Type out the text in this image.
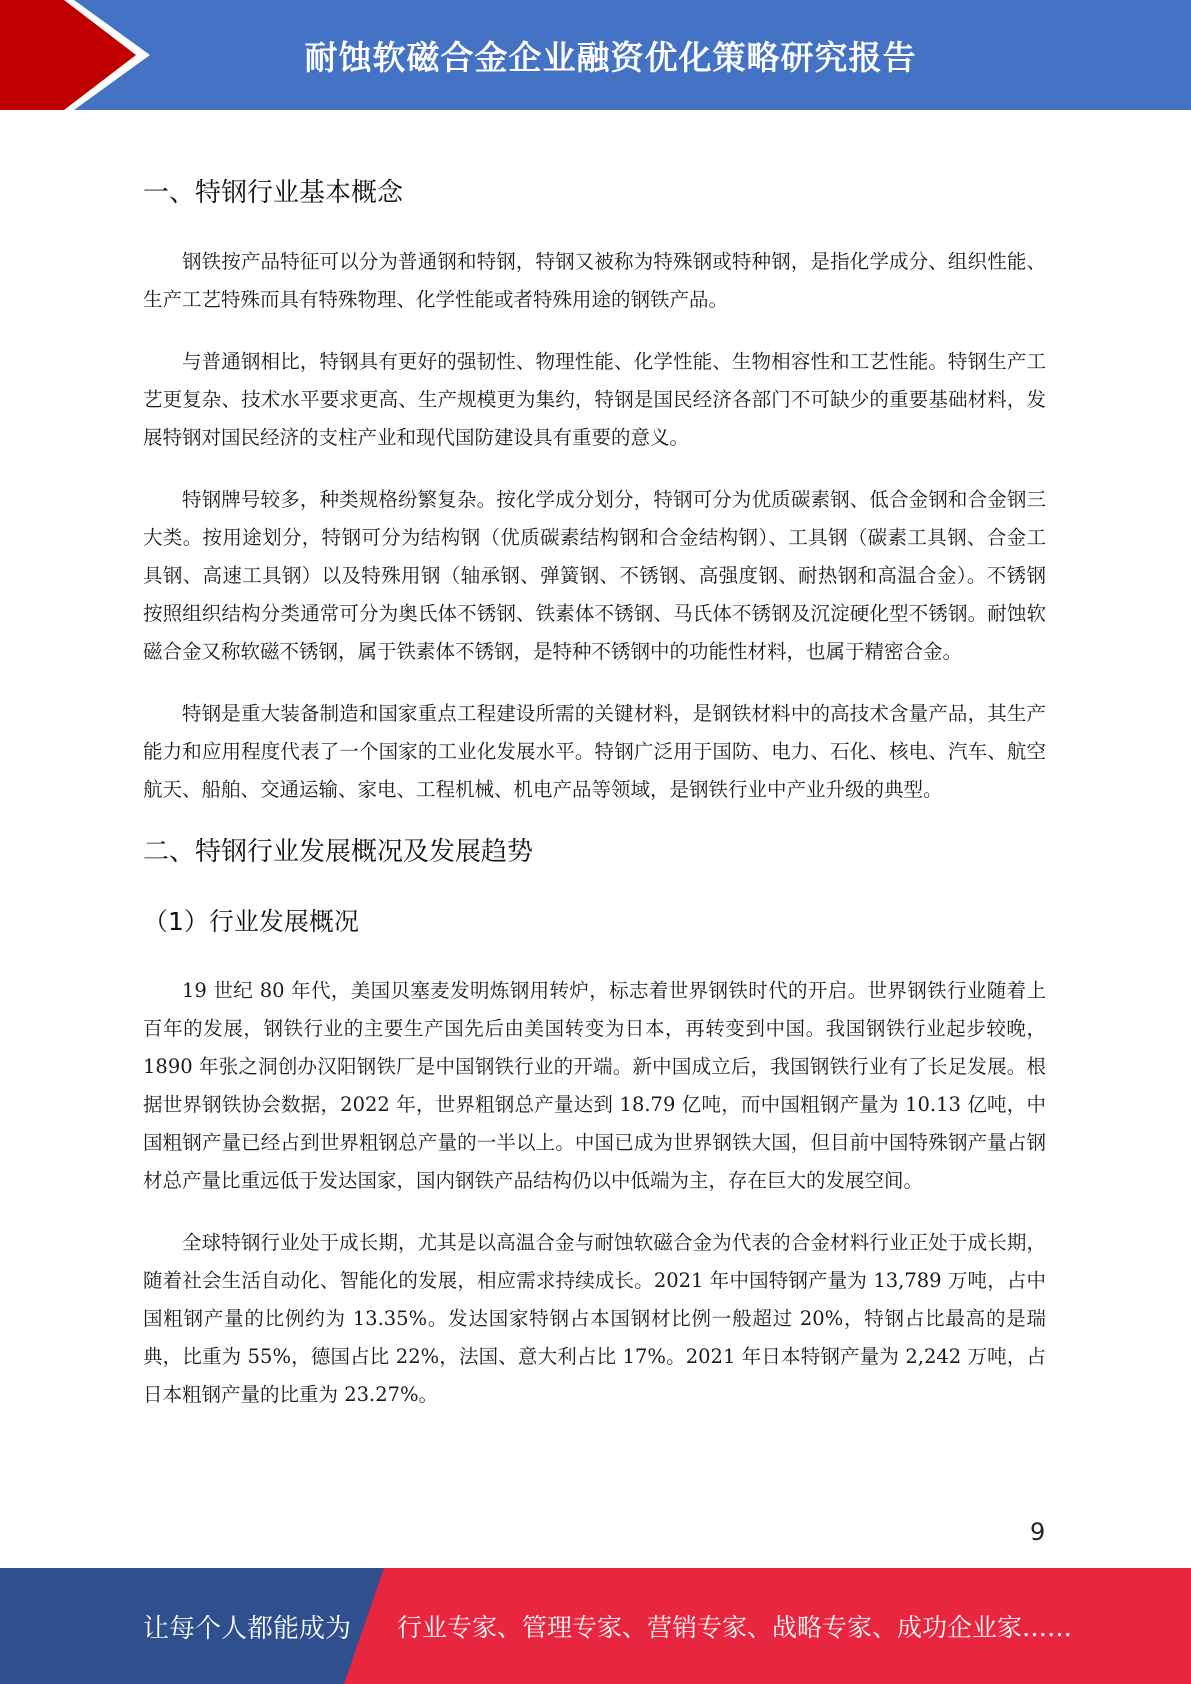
耐蚀软磁合金企业融资优化策略研究报告
一、特钢行业基本概念

钢铁按产品特征可以分为普通钢和特钢，特钢又被称为特殊钢或特种钢，是指化学成分、组织性能、生产工艺特殊而具有特殊物理、化学性能或者特殊用途的钢铁产品。

与普通钢相比，特钢具有更好的强韧性、物理性能、化学性能、生物相容性和工艺性能。特钢生产工艺更复杂、技术水平要求更高、生产规模更为集约，特钢是国民经济各部门不可缺少的重要基础材料，发展特钢对国民经济的支柱产业和现代国防建设具有重要的意义。

特钢牌号较多，种类规格纷繁复杂。按化学成分划分，特钢可分为优质碳素钢、低合金钢和合金钢三大类。按用途划分，特钢可分为结构钢（优质碳素结构钢和合金结构钢）、工具钢（碳素工具钢、合金工具钢、高速工具钢）以及特殊用钢（轴承钢、弹簧钢、不锈钢、高强度钢、耐热钢和高温合金）。不锈钢按照组织结构分类通常可分为奥氏体不锈钢、铁素体不锈钢、马氏体不锈钢及沉淀硬化型不锈钢。耐蚀软磁合金又称软磁不锈钢，属于铁素体不锈钢，是特种不锈钢中的功能性材料，也属于精密合金。

特钢是重大装备制造和国家重点工程建设所需的关键材料，是钢铁材料中的高技术含量产品，其生产能力和应用程度代表了一个国家的工业化发展水平。特钢广泛用于国防、电力、石化、核电、汽车、航空航天、船舶、交通运输、家电、工程机械、机电产品等领域，是钢铁行业中产业升级的典型。

二、特钢行业发展概况及发展趋势
（1）行业发展概况

19 世纪 80 年代，美国贝塞麦发明炼钢用转炉，标志着世界钢铁时代的开启。世界钢铁行业随着上百年的发展，钢铁行业的主要生产国先后由美国转变为日本，再转变到中国。我国钢铁行业起步较晚，1890 年张之洞创办汉阳钢铁厂是中国钢铁行业的开端。新中国成立后，我国钢铁行业有了长足发展。根据世界钢铁协会数据，2022 年，世界粗钢总产量达到 18.79 亿吨，而中国粗钢产量为 10.13 亿吨，中国粗钢产量已经占到世界粗钢总产量的一半以上。中国已成为世界钢铁大国，但目前中国特殊钢产量占钢材总产量比重远低于发达国家，国内钢铁产品结构仍以中低端为主，存在巨大的发展空间。

全球特钢行业处于成长期，尤其是以高温合金与耐蚀软磁合金为代表的合金材料行业正处于成长期，随着社会生活自动化、智能化的发展，相应需求持续成长。2021 年中国特钢产量为 13,789 万吨，占中国粗钢产量的比例约为 13.35%。发达国家特钢占本国钢材比例一般超过 20%，特钢占比最高的是瑞典，比重为 55%，德国占比 22%，法国、意大利占比 17%。2021 年日本特钢产量为 2,242 万吨，占日本粗钢产量的比重为 23.27%。

9
让每个人都能成为 行业专家、管理专家、营销专家、战略专家、成功企业家……
